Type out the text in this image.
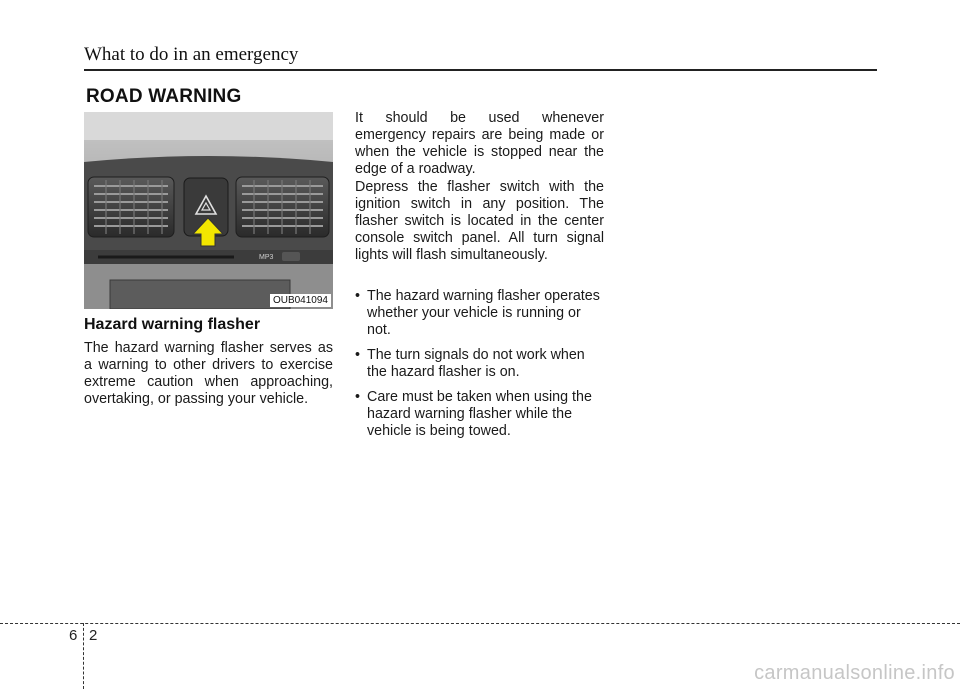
What to do in an emergency
ROAD WARNING
MP3
OUB041094
Hazard warning flasher
The hazard warning flasher serves as a warning to other drivers to exercise extreme caution when approaching, overtaking, or passing your vehicle.
It should be used whenever emergency repairs are being made or when the vehicle is stopped near the edge of a roadway.
Depress the flasher switch with the ignition switch in any position. The flasher switch is located in the center console switch panel. All turn signal lights will flash simultaneously.
• The hazard warning flasher operates whether your vehicle is running or not.
• The turn signals do not work when the hazard flasher is on.
• Care must be taken when using the hazard warning flasher while the vehicle is being towed.
6 2
carmanualsonline.info
